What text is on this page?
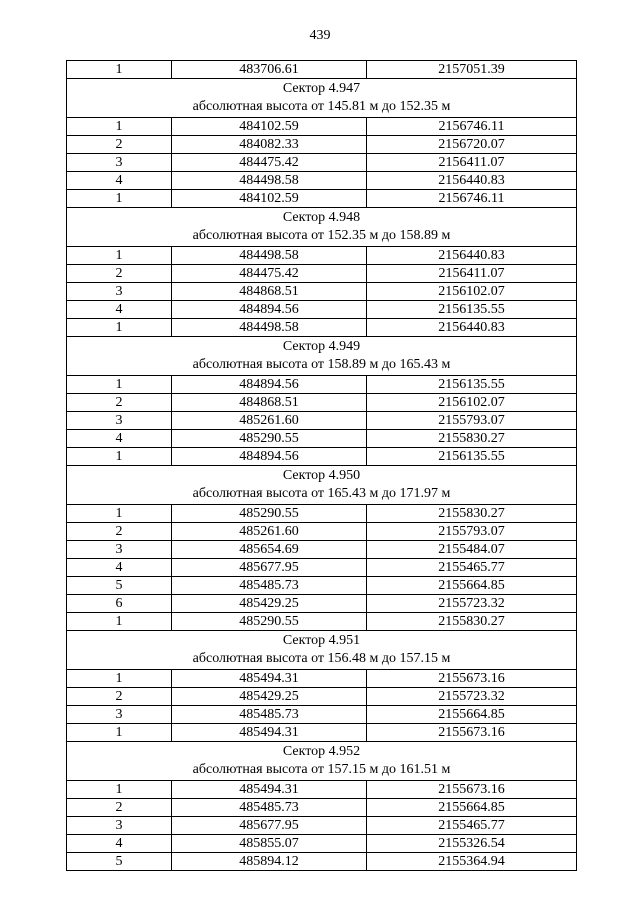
439
1	483706.61	2157051.39

Сектор 4.947
абсолютная высота от 145.81 м до 152.35 м		

1	484102.59	2156746.11
2	484082.33	2156720.07
3	484475.42	2156411.07
4	484498.58	2156440.83
1	484102.59	2156746.11

Сектор 4.948
абсолютная высота от 152.35 м до 158.89 м		

1	484498.58	2156440.83
2	484475.42	2156411.07
3	484868.51	2156102.07
4	484894.56	2156135.55
1	484498.58	2156440.83

Сектор 4.949
абсолютная высота от 158.89 м до 165.43 м		

1	484894.56	2156135.55
2	484868.51	2156102.07
3	485261.60	2155793.07
4	485290.55	2155830.27
1	484894.56	2156135.55

Сектор 4.950
абсолютная высота от 165.43 м до 171.97 м		

1	485290.55	2155830.27
2	485261.60	2155793.07
3	485654.69	2155484.07
4	485677.95	2155465.77
5	485485.73	2155664.85
6	485429.25	2155723.32
1	485290.55	2155830.27

Сектор 4.951
абсолютная высота от 156.48 м до 157.15 м		

1	485494.31	2155673.16
2	485429.25	2155723.32
3	485485.73	2155664.85
1	485494.31	2155673.16

Сектор 4.952
абсолютная высота от 157.15 м до 161.51 м		

1	485494.31	2155673.16
2	485485.73	2155664.85
3	485677.95	2155465.77
4	485855.07	2155326.54
5	485894.12	2155364.94
